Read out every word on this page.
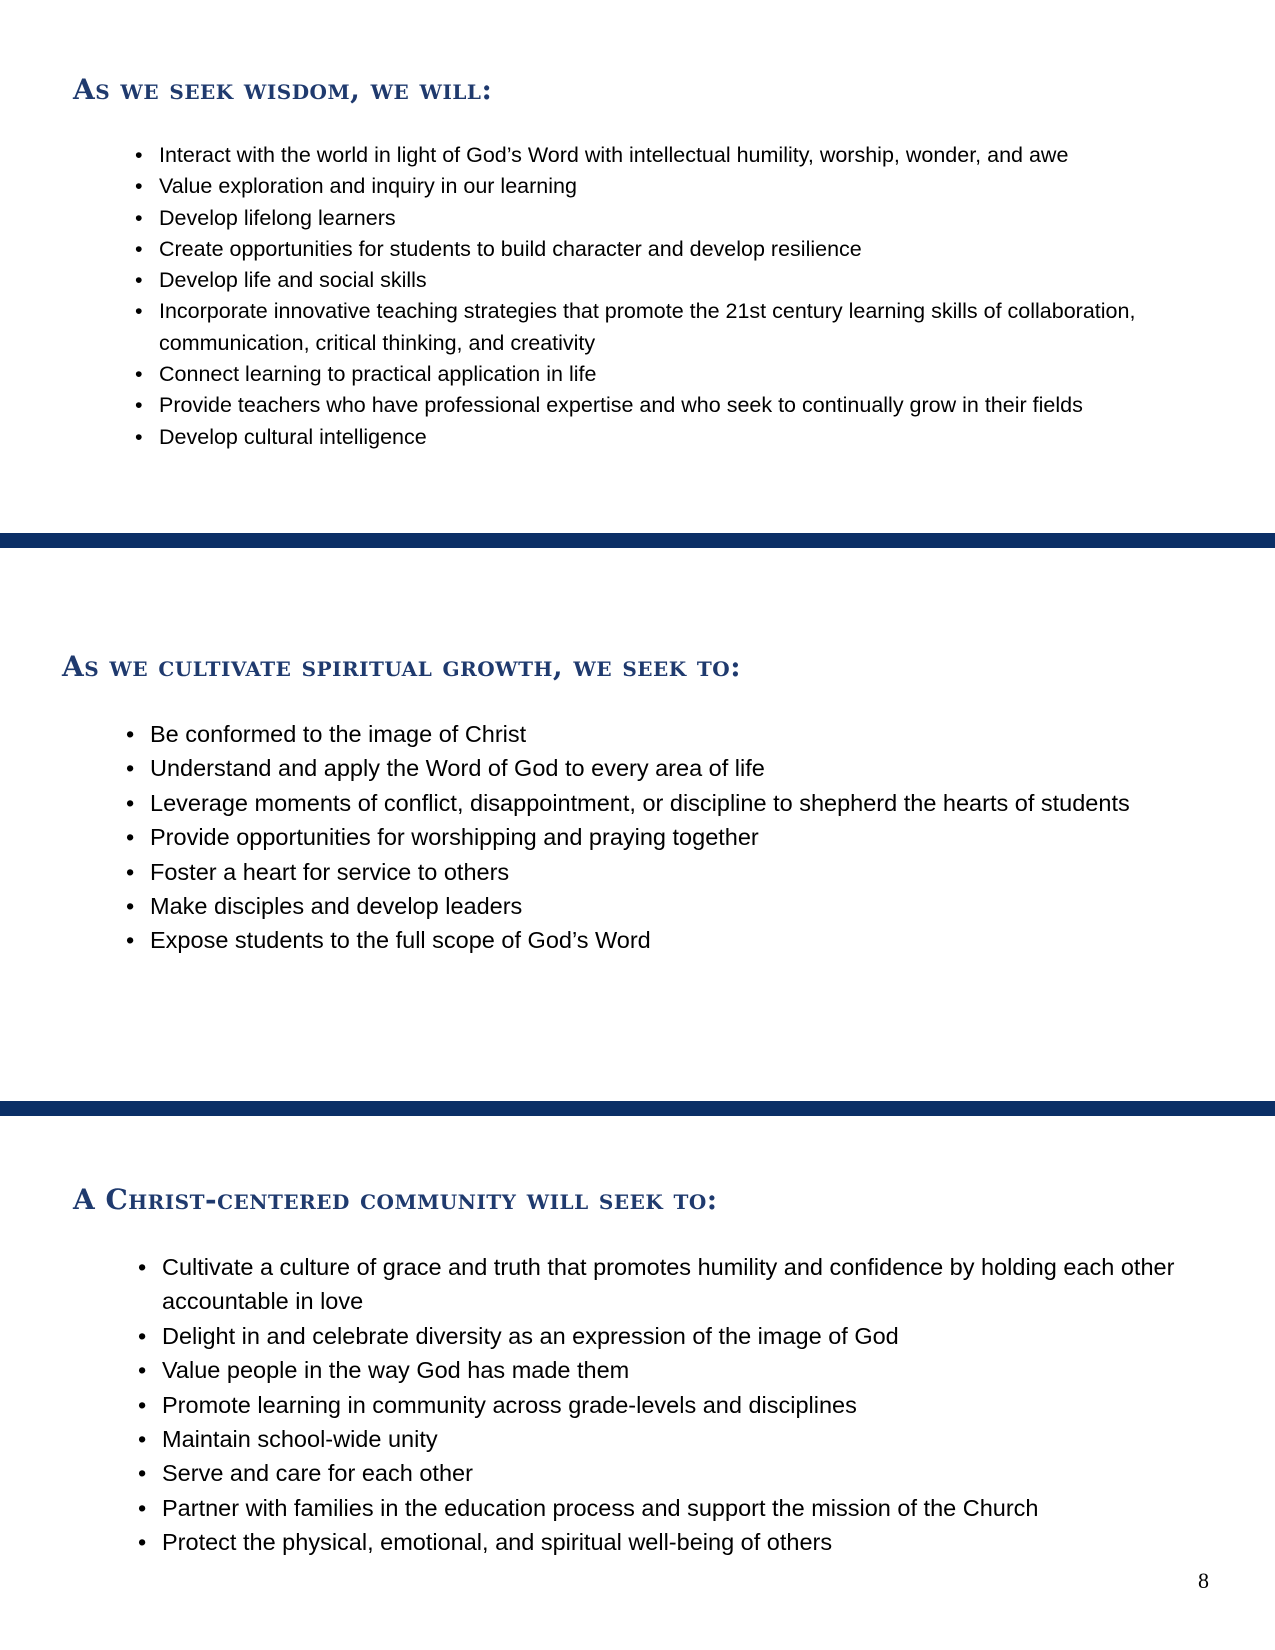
As we seek wisdom, we will:
• Interact with the world in light of God’s Word with intellectual humility, worship, wonder, and awe
• Value exploration and inquiry in our learning
• Develop lifelong learners
• Create opportunities for students to build character and develop resilience
• Develop life and social skills
• Incorporate innovative teaching strategies that promote the 21st century learning skills of collaboration, communication, critical thinking, and creativity
• Connect learning to practical application in life
• Provide teachers who have professional expertise and who seek to continually grow in their fields
• Develop cultural intelligence
As we cultivate spiritual growth, we seek to:
• Be conformed to the image of Christ
• Understand and apply the Word of God to every area of life
• Leverage moments of conflict, disappointment, or discipline to shepherd the hearts of students
• Provide opportunities for worshipping and praying together
• Foster a heart for service to others
• Make disciples and develop leaders
• Expose students to the full scope of God’s Word
A Christ-centered community will seek to:
• Cultivate a culture of grace and truth that promotes humility and confidence by holding each other accountable in love
• Delight in and celebrate diversity as an expression of the image of God
• Value people in the way God has made them
• Promote learning in community across grade-levels and disciplines
• Maintain school-wide unity
• Serve and care for each other
• Partner with families in the education process and support the mission of the Church
• Protect the physical, emotional, and spiritual well-being of others
8
